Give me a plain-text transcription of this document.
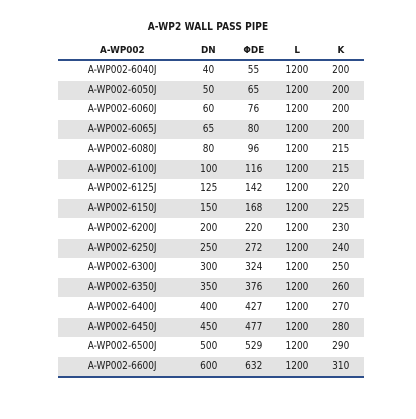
A-WP2 WALL PASS PIPE
A-WP002	DN	ΦDE	L	K
A-WP002-6040J	40	55	1200	200
A-WP002-6050J	50	65	1200	200
A-WP002-6060J	60	76	1200	200
A-WP002-6065J	65	80	1200	200
A-WP002-6080J	80	96	1200	215
A-WP002-6100J	100	116	1200	215
A-WP002-6125J	125	142	1200	220
A-WP002-6150J	150	168	1200	225
A-WP002-6200J	200	220	1200	230
A-WP002-6250J	250	272	1200	240
A-WP002-6300J	300	324	1200	250
A-WP002-6350J	350	376	1200	260
A-WP002-6400J	400	427	1200	270
A-WP002-6450J	450	477	1200	280
A-WP002-6500J	500	529	1200	290
A-WP002-6600J	600	632	1200	310
